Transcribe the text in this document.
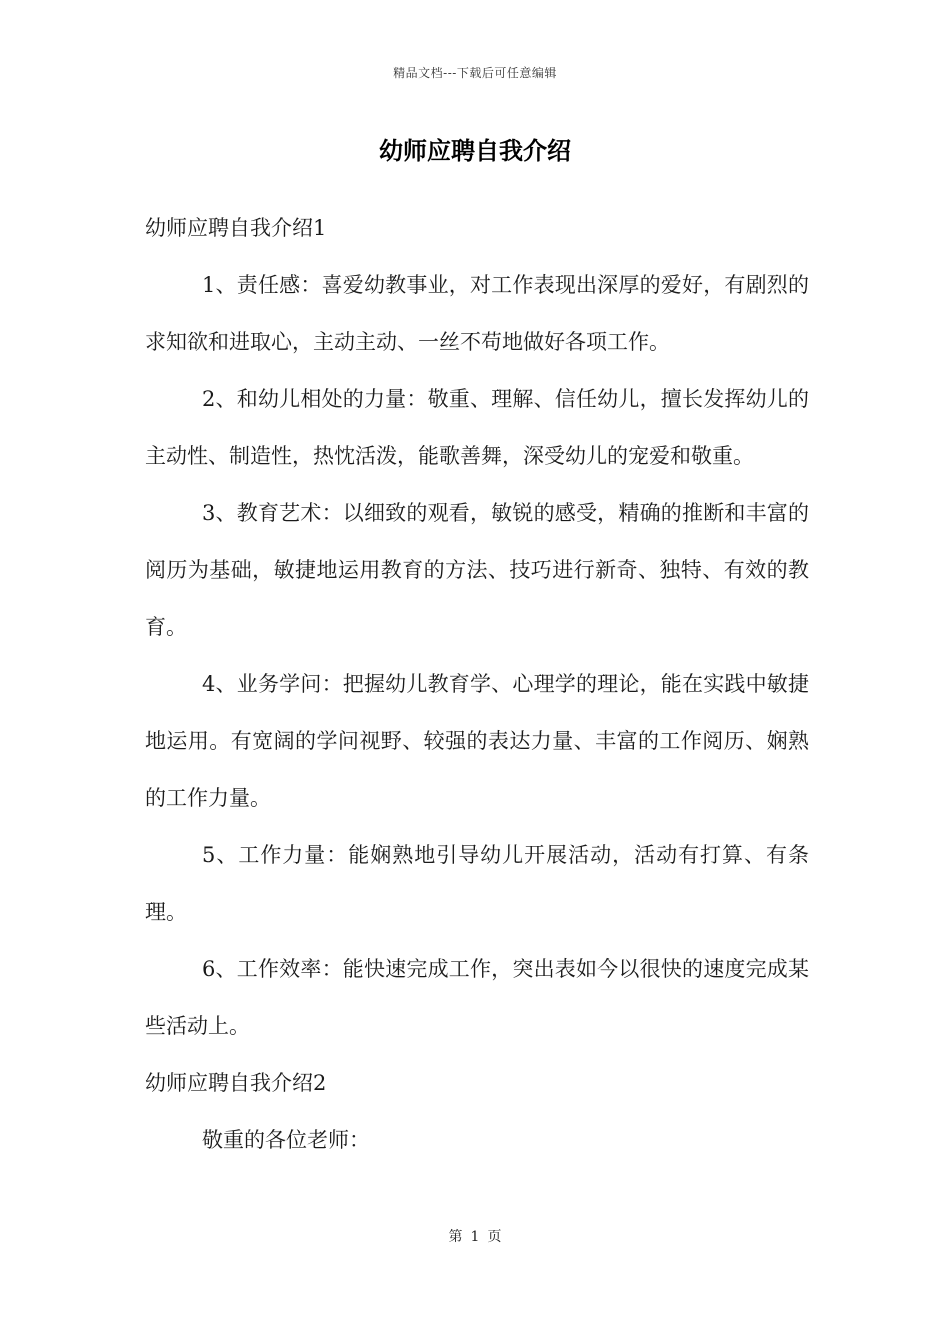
精品文档---下载后可任意编辑
幼师应聘自我介绍

幼师应聘自我介绍1

1、责任感：喜爱幼教事业，对工作表现出深厚的爱好，有剧烈的求知欲和进取心，主动主动、一丝不苟地做好各项工作。

2、和幼儿相处的力量：敬重、理解、信任幼儿，擅长发挥幼儿的主动性、制造性，热忱活泼，能歌善舞，深受幼儿的宠爱和敬重。

3、教育艺术：以细致的观看，敏锐的感受，精确的推断和丰富的阅历为基础，敏捷地运用教育的方法、技巧进行新奇、独特、有效的教育。

4、业务学问：把握幼儿教育学、心理学的理论，能在实践中敏捷地运用。有宽阔的学问视野、较强的表达力量、丰富的工作阅历、娴熟的工作力量。

5、工作力量：能娴熟地引导幼儿开展活动，活动有打算、有条理。

6、工作效率：能快速完成工作，突出表如今以很快的速度完成某些活动上。

幼师应聘自我介绍2

敬重的各位老师：

第 1 页
